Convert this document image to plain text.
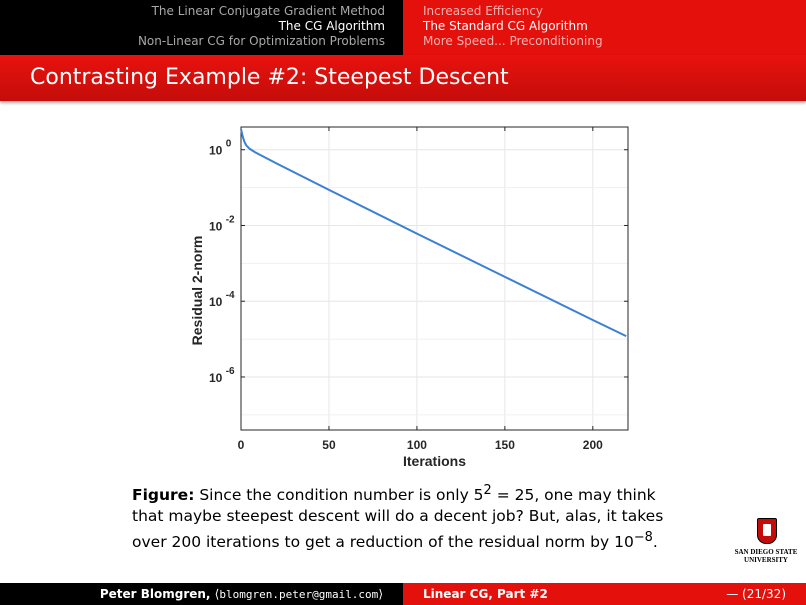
The Linear Conjugate Gradient Method
The CG Algorithm
Non-Linear CG for Optimization Problems
Increased Efficiency
The Standard CG Algorithm
More Speed... Preconditioning
Contrasting Example #2: Steepest Descent
0	50	100	150	200
10 $^0$
10 $^{-2}$
10 $^{-4}$
10 $^{-6}$
Iterations
Residual 2-norm
Figure: Since the condition number is only $5^2 = 25$, one may think that maybe steepest descent will do a decent job? But, alas, it takes over 200 iterations to get a reduction of the residual norm by $10^{-8}$.
SAN DIEGO STATE
UNIVERSITY
Peter Blomgren, ⟨blomgren.peter@gmail.com⟩	Linear CG, Part #2	— (21/32)
